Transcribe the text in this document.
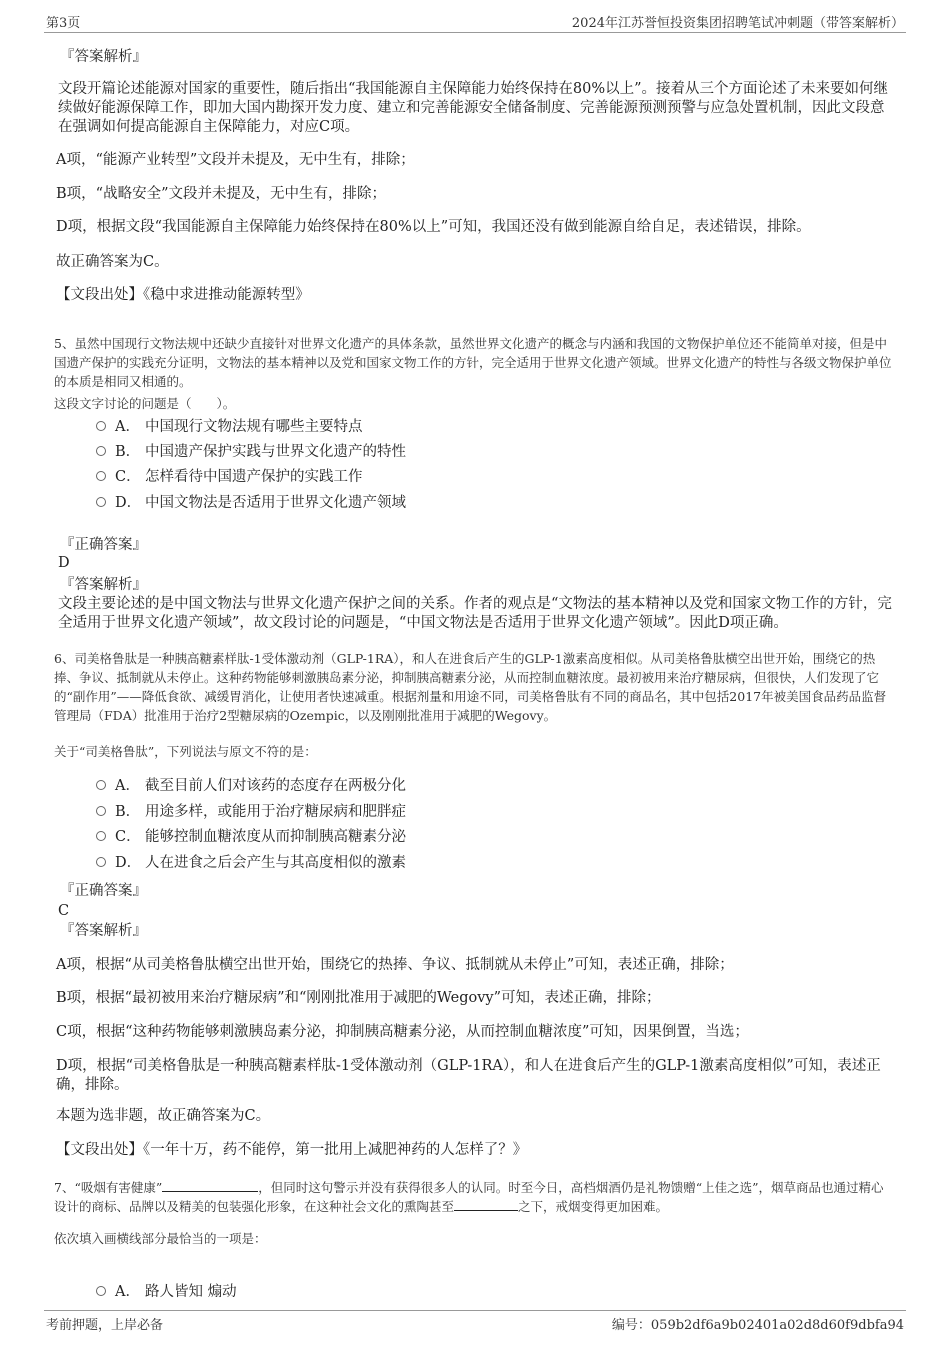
第3页	2024年江苏誉恒投资集团招聘笔试冲刺题（带答案解析）
『答案解析』
文段开篇论述能源对国家的重要性，随后指出“我国能源自主保障能力始终保持在80%以上”。接着从三个方面论述了未来要如何继续做好能源保障工作，即加大国内勘探开发力度、建立和完善能源安全储备制度、完善能源预测预警与应急处置机制，因此文段意在强调如何提高能源自主保障能力，对应C项。
A项，“能源产业转型”文段并未提及，无中生有，排除；
B项，“战略安全”文段并未提及，无中生有，排除；
D项，根据文段“我国能源自主保障能力始终保持在80%以上”可知，我国还没有做到能源自给自足，表述错误，排除。
故正确答案为C。
【文段出处】《稳中求进推动能源转型》
5、虽然中国现行文物法规中还缺少直接针对世界文化遗产的具体条款，虽然世界文化遗产的概念与内涵和我国的文物保护单位还不能简单对接，但是中国遗产保护的实践充分证明，文物法的基本精神以及党和国家文物工作的方针，完全适用于世界文化遗产领域。世界文化遗产的特性与各级文物保护单位的本质是相同又相通的。
这段文字讨论的问题是（　　）。
A． 中国现行文物法规有哪些主要特点
B． 中国遗产保护实践与世界文化遗产的特性
C． 怎样看待中国遗产保护的实践工作
D． 中国文物法是否适用于世界文化遗产领域
『正确答案』
D
『答案解析』
文段主要论述的是中国文物法与世界文化遗产保护之间的关系。作者的观点是“文物法的基本精神以及党和国家文物工作的方针，完全适用于世界文化遗产领域”，故文段讨论的问题是，“中国文物法是否适用于世界文化遗产领域”。因此D项正确。
6、司美格鲁肽是一种胰高糖素样肽-1受体激动剂（GLP-1RA），和人在进食后产生的GLP-1激素高度相似。从司美格鲁肽横空出世开始，围绕它的热捧、争议、抵制就从未停止。这种药物能够刺激胰岛素分泌，抑制胰高糖素分泌，从而控制血糖浓度。最初被用来治疗糖尿病，但很快，人们发现了它的“副作用”——降低食欲、减缓胃消化，让使用者快速减重。根据剂量和用途不同，司美格鲁肽有不同的商品名，其中包括2017年被美国食品药品监督管理局（FDA）批准用于治疗2型糖尿病的Ozempic，以及刚刚批准用于减肥的Wegovy。
关于“司美格鲁肽”，下列说法与原文不符的是：
A． 截至目前人们对该药的态度存在两极分化
B． 用途多样，或能用于治疗糖尿病和肥胖症
C． 能够控制血糖浓度从而抑制胰高糖素分泌
D． 人在进食之后会产生与其高度相似的激素
『正确答案』
C
『答案解析』
A项，根据“从司美格鲁肽横空出世开始，围绕它的热捧、争议、抵制就从未停止”可知，表述正确，排除；
B项，根据“最初被用来治疗糖尿病”和“刚刚批准用于减肥的Wegovy”可知，表述正确，排除；
C项，根据“这种药物能够刺激胰岛素分泌，抑制胰高糖素分泌，从而控制血糖浓度”可知，因果倒置，当选；
D项，根据“司美格鲁肽是一种胰高糖素样肽-1受体激动剂（GLP-1RA），和人在进食后产生的GLP-1激素高度相似”可知，表述正确，排除。
本题为选非题，故正确答案为C。
【文段出处】《一年十万，药不能停，第一批用上减肥神药的人怎样了？》
7、“吸烟有害健康”	，但同时这句警示并没有获得很多人的认同。时至今日，高档烟酒仍是礼物馈赠“上佳之选”，烟草商品也通过精心设计的商标、品牌以及精美的包装强化形象，在这种社会文化的熏陶甚至	之下，戒烟变得更加困难。
依次填入画横线部分最恰当的一项是：
A． 路人皆知 煽动
考前押题，上岸必备	编号：059b2df6a9b02401a02d8d60f9dbfa94
